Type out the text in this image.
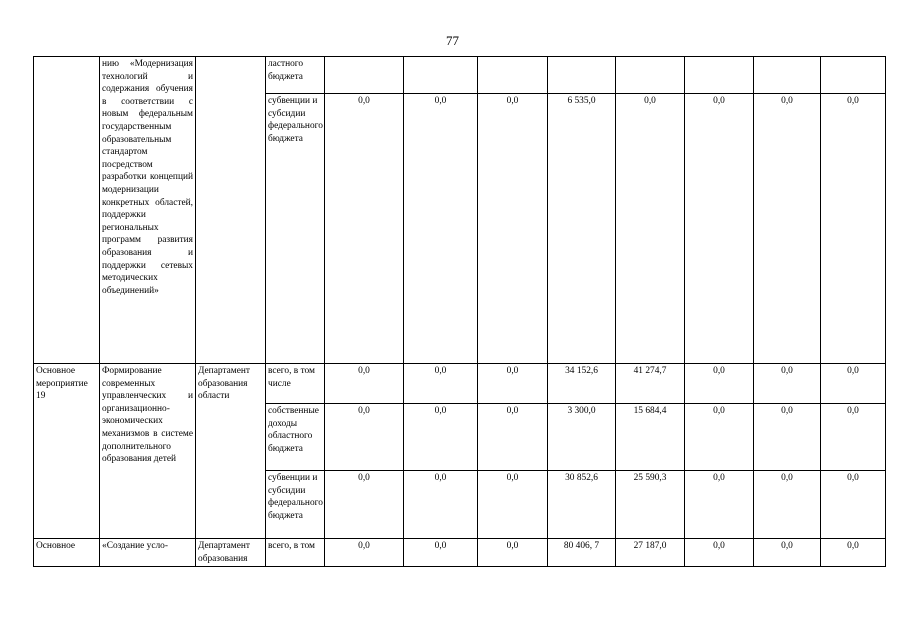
77
	нию «Модернизация технологий и содержания обучения в соответствии с новым федеральным государственным образовательным стандартом посредством разработки концепций модернизации конкретных областей, поддержки региональных программ развития образования и поддержки сетевых методических объединений»		ластного бюджета								
			субвенции и субсидии федерального бюджета	0,0	0,0	0,0	6 535,0	0,0	0,0	0,0	0,0
Основное мероприятие 19	Формирование современных управленческих и организационно-экономических механизмов в системе дополнительного образования детей	Департамент образования области	всего, в том числе	0,0	0,0	0,0	34 152,6	41 274,7	0,0	0,0	0,0
			собственные доходы областного бюджета	0,0	0,0	0,0	3 300,0	15 684,4	0,0	0,0	0,0
			субвенции и субсидии федерального бюджета	0,0	0,0	0,0	30 852,6	25 590,3	0,0	0,0	0,0
Основное	«Создание усло-	Департамент образования	всего, в том	0,0	0,0	0,0	80 406, 7	27 187,0	0,0	0,0	0,0
